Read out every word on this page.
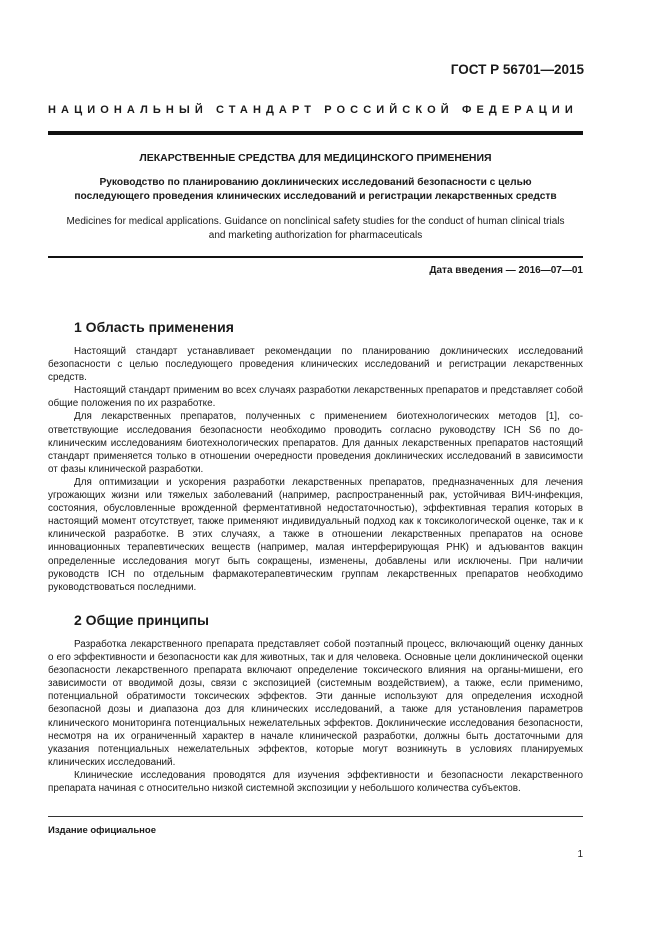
ГОСТ Р 56701—2015
НАЦИОНАЛЬНЫЙ СТАНДАРТ РОССИЙСКОЙ ФЕДЕРАЦИИ
ЛЕКАРСТВЕННЫЕ СРЕДСТВА ДЛЯ МЕДИЦИНСКОГО ПРИМЕНЕНИЯ
Руководство по планированию доклинических исследований безопасности с целью
последующего проведения клинических исследований и регистрации лекарственных средств
Medicines for medical applications. Guidance on nonclinical safety studies for the conduct of human clinical trials
and marketing authorization for pharmaceuticals
Дата введения — 2016—07—01
1 Область применения

Настоящий стандарт устанавливает рекомендации по планированию доклинических исследований безопасности с целью последующего проведения клинических исследований и регистрации лекарственных средств.

Настоящий стандарт применим во всех случаях разработки лекарственных препаратов и представляет собой общие положения по их разработке.

Для лекарственных препаратов, полученных с применением биотехнологических методов [1], соответствующие исследования безопасности необходимо проводить согласно руководству ICH S6 по доклиническим исследованиям биотехнологических препаратов. Для данных лекарственных препаратов настоящий стандарт применяется только в отношении очередности проведения доклинических исследований в зависимости от фазы клинической разработки.

Для оптимизации и ускорения разработки лекарственных препаратов, предназначенных для лечения угрожающих жизни или тяжелых заболеваний (например, распространенный рак, устойчивая ВИЧ-инфекция, состояния, обусловленные врожденной ферментативной недостаточностью), эффективная терапия которых в настоящий момент отсутствует, также применяют индивидуальный подход как к токсикологической оценке, так и к клинической разработке. В этих случаях, а также в отношении лекарственных препаратов на основе инновационных терапевтических веществ (например, малая интерферирующая РНК) и адъювантов вакцин определенные исследования могут быть сокращены, изменены, добавлены или исключены. При наличии руководств ICH по отдельным фармакотерапевтическим группам лекарственных препаратов необходимо руководствоваться последними.

2 Общие принципы

Разработка лекарственного препарата представляет собой поэтапный процесс, включающий оценку данных о его эффективности и безопасности как для животных, так и для человека. Основные цели доклинической оценки безопасности лекарственного препарата включают определение токсического влияния на органы-мишени, его зависимости от вводимой дозы, связи с экспозицией (системным воздействием), а также, если применимо, потенциальной обратимости токсических эффектов. Эти данные используют для определения исходной безопасной дозы и диапазона доз для клинических исследований, а также для установления параметров клинического мониторинга потенциальных нежелательных эффектов. Доклинические исследования безопасности, несмотря на их ограниченный характер в начале клинической разработки, должны быть достаточными для указания потенциальных нежелательных эффектов, которые могут возникнуть в условиях планируемых клинических исследований.

Клинические исследования проводятся для изучения эффективности и безопасности лекарственного препарата начиная с относительно низкой системной экспозиции у небольшого количества субъектов.

Издание официальное
1
